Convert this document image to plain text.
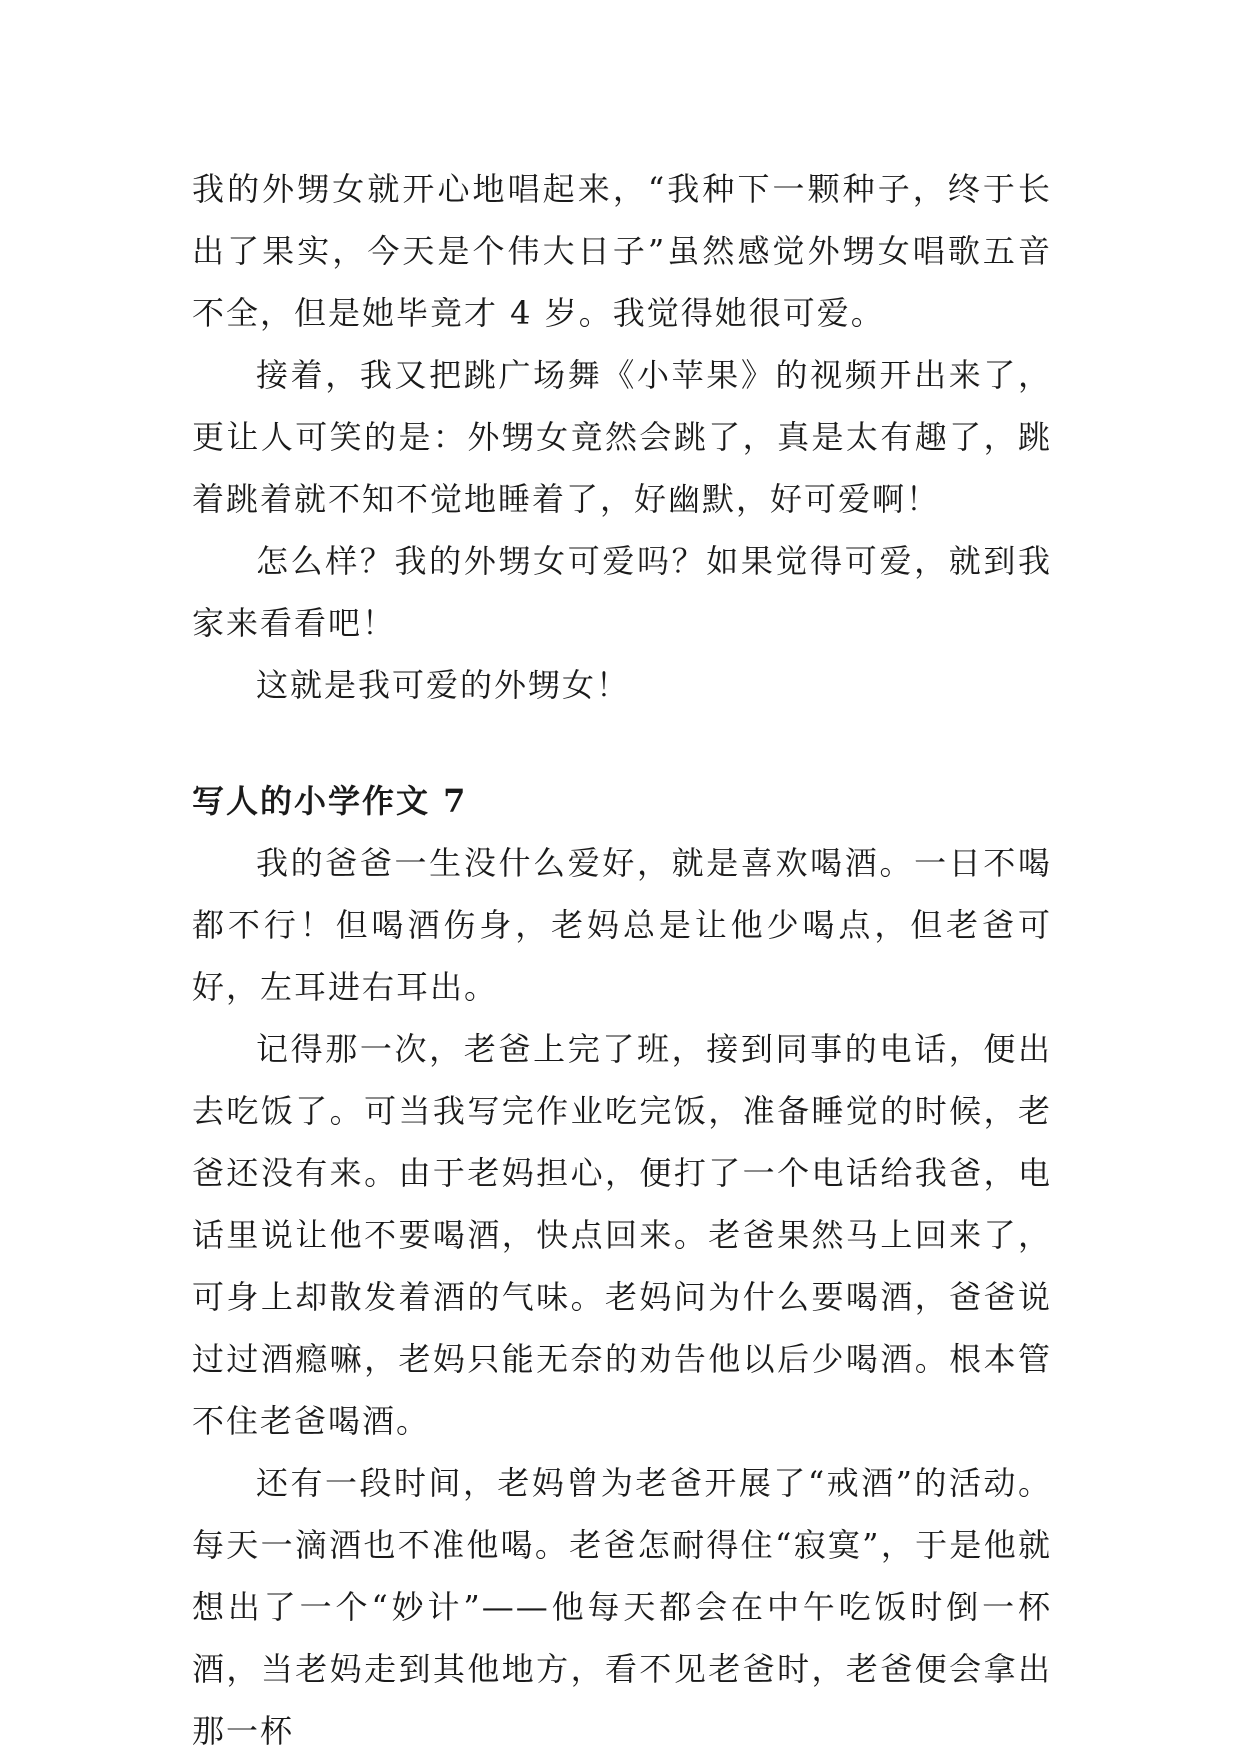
我的外甥女就开心地唱起来，“我种下一颗种子，终于长出了果实，今天是个伟大日子”虽然感觉外甥女唱歌五音不全，但是她毕竟才 4 岁。我觉得她很可爱。

接着，我又把跳广场舞《小苹果》的视频开出来了，更让人可笑的是：外甥女竟然会跳了，真是太有趣了，跳着跳着就不知不觉地睡着了，好幽默，好可爱啊！

怎么样？我的外甥女可爱吗？如果觉得可爱，就到我家来看看吧！

这就是我可爱的外甥女！

写人的小学作文 7

我的爸爸一生没什么爱好，就是喜欢喝酒。一日不喝都不行！但喝酒伤身，老妈总是让他少喝点，但老爸可好，左耳进右耳出。

记得那一次，老爸上完了班，接到同事的电话，便出去吃饭了。可当我写完作业吃完饭，准备睡觉的时候，老爸还没有来。由于老妈担心，便打了一个电话给我爸，电话里说让他不要喝酒，快点回来。老爸果然马上回来了，可身上却散发着酒的气味。老妈问为什么要喝酒，爸爸说过过酒瘾嘛，老妈只能无奈的劝告他以后少喝酒。根本管不住老爸喝酒。

还有一段时间，老妈曾为老爸开展了“戒酒”的活动。每天一滴酒也不准他喝。老爸怎耐得住“寂寞”，于是他就想出了一个“妙计”——他每天都会在中午吃饭时倒一杯酒，当老妈走到其他地方，看不见老爸时，老爸便会拿出那一杯
